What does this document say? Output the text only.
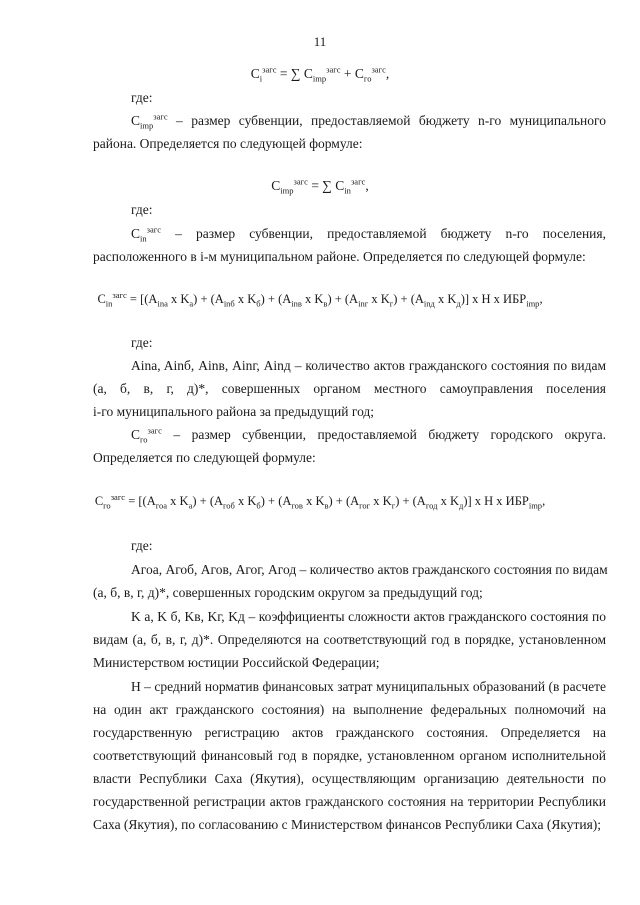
11
$C_i^{загс}$ = ∑ $C_{imp}^{загс} + C_{го}^{загс}$,
где:
$C_{imp}^{загс}$ – размер субвенции, предоставляемой бюджету n-го муниципального
района. Определяется по следующей формуле:
$C_{imp}^{загс}$ = ∑ $C_{in}^{загс}$,
где:
$C_{in}^{загс}$ – размер субвенции, предоставляемой бюджету n-го поселения,
расположенного в i-м муниципальном районе. Определяется по следующей формуле:
$C_{in}^{загс} = [(A_{ina}$ x $K_a) + (A_{inб}$ x $K_б) + (A_{inв}$ x $K_в) + (A_{inг}$ x $K_г) + (A_{inд}$ x $K_д$)] x H x $ИБР_{imр}$,
где:
Aina, Ainб, Ainв, Ainг, Ainд – количество актов гражданского состояния по видам
(а, б, в, г, д)*, совершенных органом местного самоуправления поселения
i-го муниципального района за предыдущий год;
$C_{го}^{загс}$ – размер субвенции, предоставляемой бюджету городского округа.
Определяется по следующей формуле:
$C_{го}^{загс} = [(A_{гоа}$ x $K_a) + (A_{гоб}$ x $K_б) + (A_{гов}$ x $K_в) + (A_{гог}$ x $K_г) + (A_{год}$ x $K_д$)] x H x $ИБР_{imр}$,
где:
Aгоа, Aгоб, Aгов, Aгог, Aгод – количество актов гражданского состояния по видам
(а, б, в, г, д)*, совершенных городским округом за предыдущий год;
K а, K б, Kв, Kг, Kд – коэффициенты сложности актов гражданского состояния по
видам (а, б, в, г, д)*. Определяются на соответствующий год в порядке, установленном
Министерством юстиции Российской Федерации;
Н – средний норматив финансовых затрат муниципальных образований (в расчете
на один акт гражданского состояния) на выполнение федеральных полномочий на
государственную регистрацию актов гражданского состояния. Определяется на
соответствующий финансовый год в порядке, установленном органом исполнительной
власти Республики Саха (Якутия), осуществляющим организацию деятельности по
государственной регистрации актов гражданского состояния на территории Республики
Саха (Якутия), по согласованию с Министерством финансов Республики Саха (Якутия);
